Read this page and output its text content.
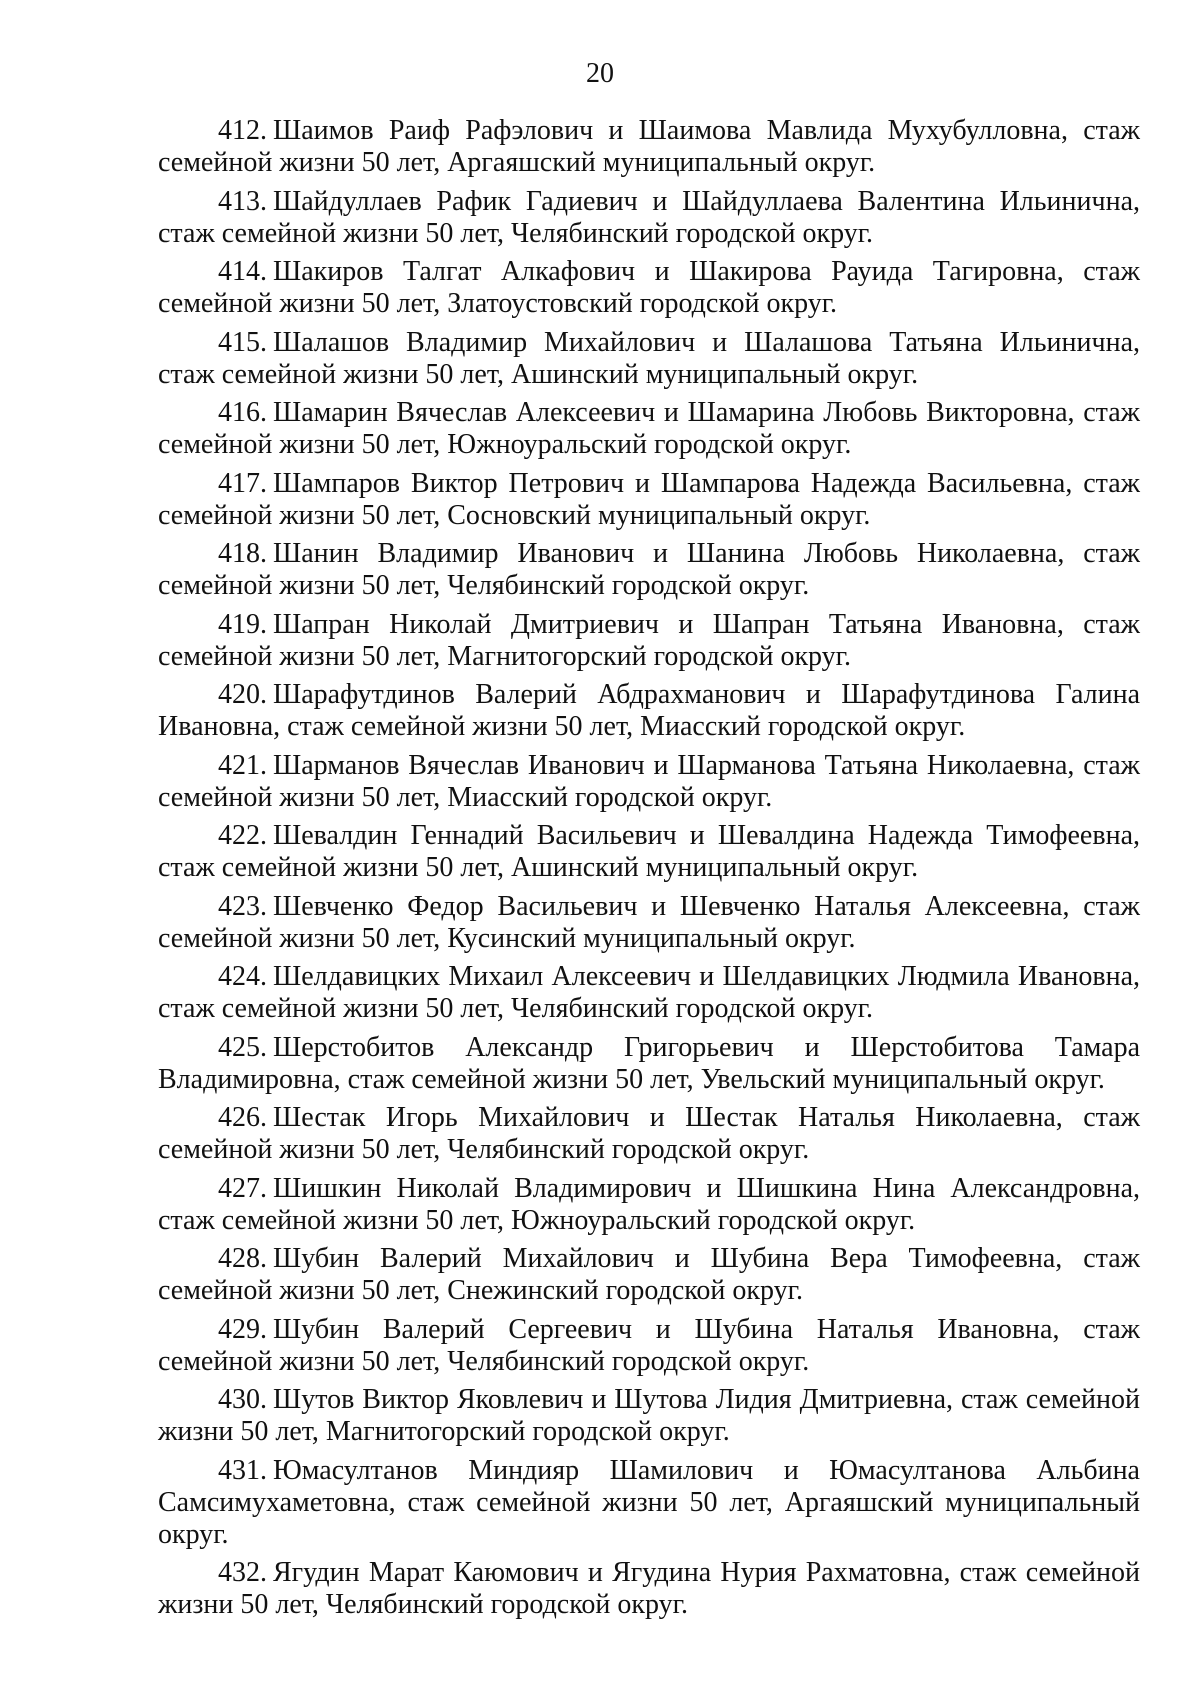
20

412. Шаимов Раиф Рафэлович и Шаимова Мавлида Мухубулловна, стаж семейной жизни 50 лет, Аргаяшский муниципальный округ.

413. Шайдуллаев Рафик Гадиевич и Шайдуллаева Валентина Ильинична, стаж семейной жизни 50 лет, Челябинский городской округ.

414. Шакиров Талгат Алкафович и Шакирова Рауида Тагировна, стаж семейной жизни 50 лет, Златоустовский городской округ.

415. Шалашов Владимир Михайлович и Шалашова Татьяна Ильинична, стаж семейной жизни 50 лет, Ашинский муниципальный округ.

416. Шамарин Вячеслав Алексеевич и Шамарина Любовь Викторовна, стаж семейной жизни 50 лет, Южноуральский городской округ.

417. Шампаров Виктор Петрович и Шампарова Надежда Васильевна, стаж семейной жизни 50 лет, Сосновский муниципальный округ.

418. Шанин Владимир Иванович и Шанина Любовь Николаевна, стаж семейной жизни 50 лет, Челябинский городской округ.

419. Шапран Николай Дмитриевич и Шапран Татьяна Ивановна, стаж семейной жизни 50 лет, Магнитогорский городской округ.

420. Шарафутдинов Валерий Абдрахманович и Шарафутдинова Галина Ивановна, стаж семейной жизни 50 лет, Миасский городской округ.

421. Шарманов Вячеслав Иванович и Шарманова Татьяна Николаевна, стаж семейной жизни 50 лет, Миасский городской округ.

422. Шевалдин Геннадий Васильевич и Шевалдина Надежда Тимофеевна, стаж семейной жизни 50 лет, Ашинский муниципальный округ.

423. Шевченко Федор Васильевич и Шевченко Наталья Алексеевна, стаж семейной жизни 50 лет, Кусинский муниципальный округ.

424. Шелдавицких Михаил Алексеевич и Шелдавицких Людмила Ивановна, стаж семейной жизни 50 лет, Челябинский городской округ.

425. Шерстобитов Александр Григорьевич и Шерстобитова Тамара Владимировна, стаж семейной жизни 50 лет, Увельский муниципальный округ.

426. Шестак Игорь Михайлович и Шестак Наталья Николаевна, стаж семейной жизни 50 лет, Челябинский городской округ.

427. Шишкин Николай Владимирович и Шишкина Нина Александровна, стаж семейной жизни 50 лет, Южноуральский городской округ.

428. Шубин Валерий Михайлович и Шубина Вера Тимофеевна, стаж семейной жизни 50 лет, Снежинский городской округ.

429. Шубин Валерий Сергеевич и Шубина Наталья Ивановна, стаж семейной жизни 50 лет, Челябинский городской округ.

430. Шутов Виктор Яковлевич и Шутова Лидия Дмитриевна, стаж семейной жизни 50 лет, Магнитогорский городской округ.

431. Юмасултанов Миндияр Шамилович и Юмасултанова Альбина Самсимухаметовна, стаж семейной жизни 50 лет, Аргаяшский муниципальный округ.

432. Ягудин Марат Каюмович и Ягудина Нурия Рахматовна, стаж семейной жизни 50 лет, Челябинский городской округ.
